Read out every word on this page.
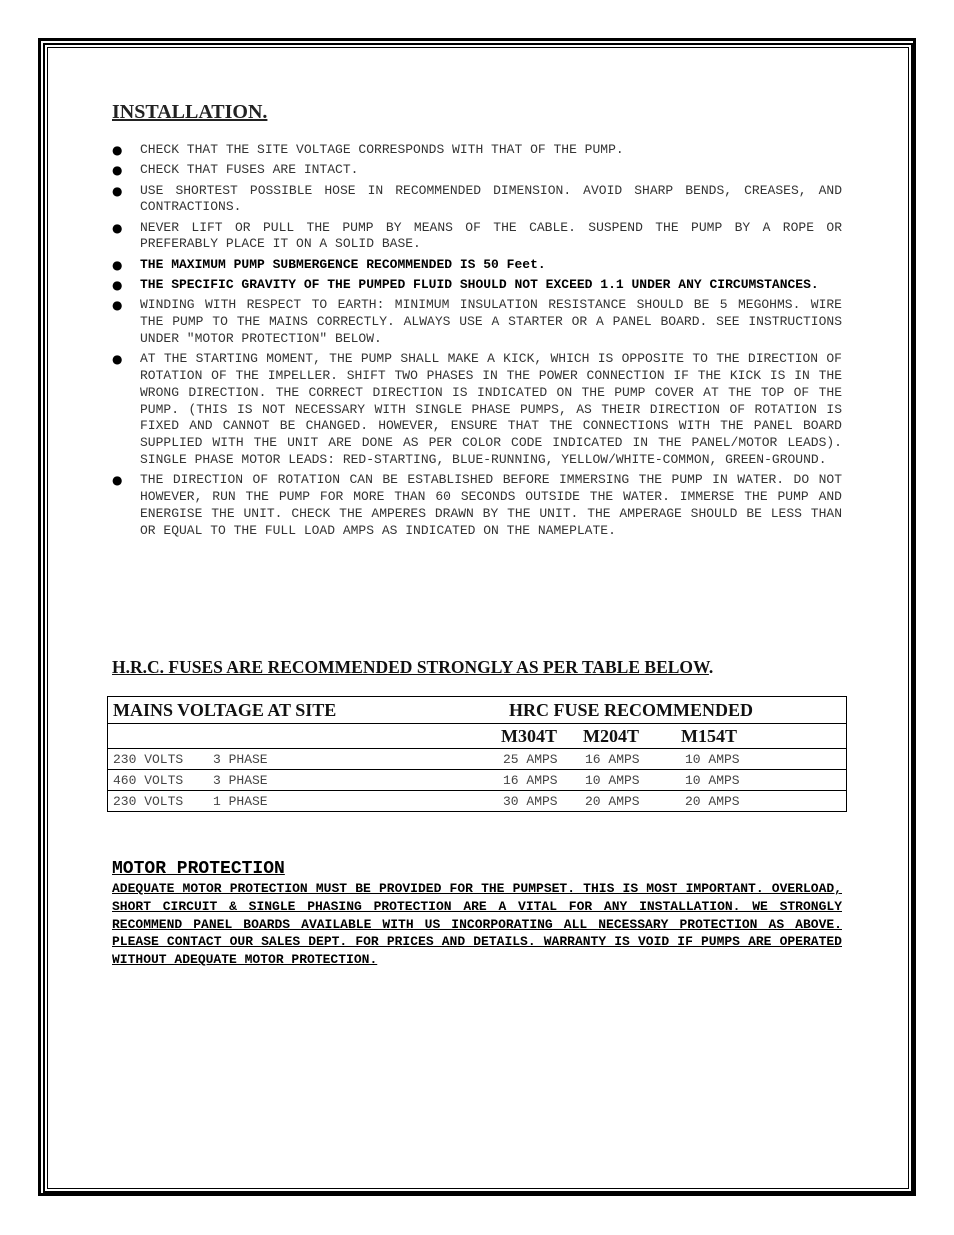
INSTALLATION.
● CHECK THAT THE SITE VOLTAGE CORRESPONDS WITH THAT OF THE PUMP.
● CHECK THAT FUSES ARE INTACT.
● USE SHORTEST POSSIBLE HOSE IN RECOMMENDED DIMENSION. AVOID SHARP BENDS, CREASES, AND CONTRACTIONS.
● NEVER LIFT OR PULL THE PUMP BY MEANS OF THE CABLE. SUSPEND THE PUMP BY A ROPE OR PREFERABLY PLACE IT ON A SOLID BASE.
● THE MAXIMUM PUMP SUBMERGENCE RECOMMENDED IS 50 Feet.
● THE SPECIFIC GRAVITY OF THE PUMPED FLUID SHOULD NOT EXCEED 1.1 UNDER ANY CIRCUMSTANCES.
● WINDING WITH RESPECT TO EARTH: MINIMUM INSULATION RESISTANCE SHOULD BE 5 MEGOHMS. WIRE THE PUMP TO THE MAINS CORRECTLY. ALWAYS USE A STARTER OR A PANEL BOARD. SEE INSTRUCTIONS UNDER "MOTOR PROTECTION" BELOW.
● AT THE STARTING MOMENT, THE PUMP SHALL MAKE A KICK, WHICH IS OPPOSITE TO THE DIRECTION OF ROTATION OF THE IMPELLER. SHIFT TWO PHASES IN THE POWER CONNECTION IF THE KICK IS IN THE WRONG DIRECTION. THE CORRECT DIRECTION IS INDICATED ON THE PUMP COVER AT THE TOP OF THE PUMP. (THIS IS NOT NECESSARY WITH SINGLE PHASE PUMPS, AS THEIR DIRECTION OF ROTATION IS FIXED AND CANNOT BE CHANGED. HOWEVER, ENSURE THAT THE CONNECTIONS WITH THE PANEL BOARD SUPPLIED WITH THE UNIT ARE DONE AS PER COLOR CODE INDICATED IN THE PANEL/MOTOR LEADS). SINGLE PHASE MOTOR LEADS: RED-STARTING, BLUE-RUNNING, YELLOW/WHITE-COMMON, GREEN-GROUND.
● THE DIRECTION OF ROTATION CAN BE ESTABLISHED BEFORE IMMERSING THE PUMP IN WATER. DO NOT HOWEVER, RUN THE PUMP FOR MORE THAN 60 SECONDS OUTSIDE THE WATER. IMMERSE THE PUMP AND ENERGISE THE UNIT. CHECK THE AMPERES DRAWN BY THE UNIT. THE AMPERAGE SHOULD BE LESS THAN OR EQUAL TO THE FULL LOAD AMPS AS INDICATED ON THE NAMEPLATE.
H.R.C. FUSES ARE RECOMMENDED STRONGLY AS PER TABLE BELOW.
MAINS VOLTAGE AT SITE	HRC FUSE RECOMMENDED
M304T M204T M154T
230 VOLTS 3 PHASE	25 AMPS 16 AMPS	10 AMPS
460 VOLTS 3 PHASE	16 AMPS 10 AMPS	10 AMPS
230 VOLTS 1 PHASE	30 AMPS 20 AMPS	20 AMPS
MOTOR PROTECTION
ADEQUATE MOTOR PROTECTION MUST BE PROVIDED FOR THE PUMPSET. THIS IS MOST IMPORTANT. OVERLOAD, SHORT CIRCUIT & SINGLE PHASING PROTECTION ARE A VITAL FOR ANY INSTALLATION. WE STRONGLY RECOMMEND PANEL BOARDS AVAILABLE WITH US INCORPORATING ALL NECESSARY PROTECTION AS ABOVE. PLEASE CONTACT OUR SALES DEPT. FOR PRICES AND DETAILS. WARRANTY IS VOID IF PUMPS ARE OPERATED WITHOUT ADEQUATE MOTOR PROTECTION.
